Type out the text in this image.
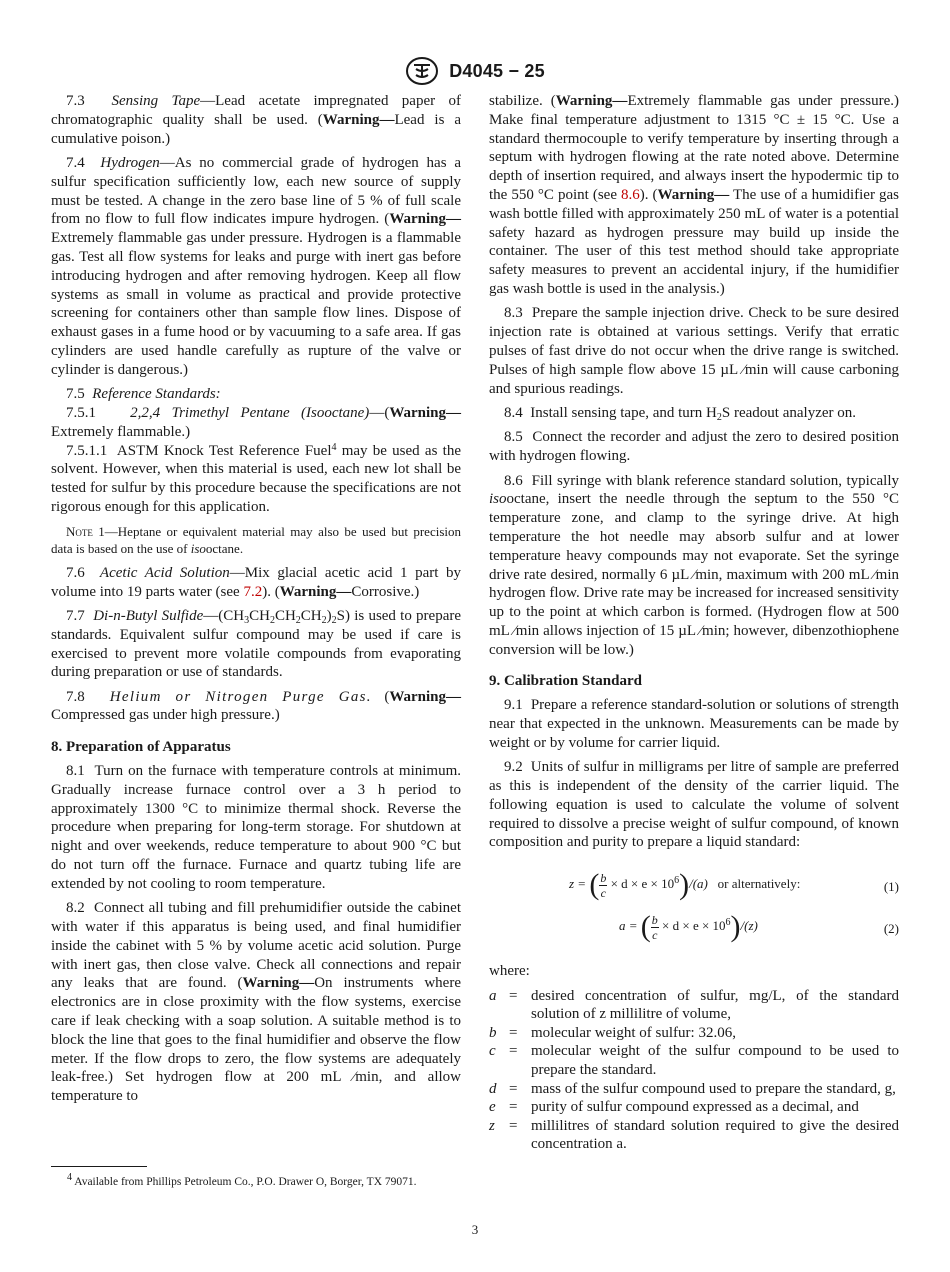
D4045 − 25

7.3 Sensing Tape—Lead acetate impregnated paper of chromatographic quality shall be used. (Warning—Lead is a cumulative poison.)

7.4 Hydrogen—As no commercial grade of hydrogen has a sulfur specification sufficiently low, each new source of supply must be tested. A change in the zero base line of 5 % of full scale from no flow to full flow indicates impure hydrogen. (Warning—Extremely flammable gas under pressure. Hydrogen is a flammable gas. Test all flow systems for leaks and purge with inert gas before introducing hydrogen and after removing hydrogen. Keep all flow systems as small in volume as practical and provide protective screening for containers other than sample flow lines. Dispose of exhaust gases in a fume hood or by vacuuming to a safe area. If gas cylinders are used handle carefully as rupture of the valve or cylinder is dangerous.)

7.5 Reference Standards:

7.5.1 2,2,4 Trimethyl Pentane (Isooctane)—(Warning— Extremely flammable.)

7.5.1.1 ASTM Knock Test Reference Fuel$^4$ may be used as the solvent. However, when this material is used, each new lot shall be tested for sulfur by this procedure because the specifications are not rigorous enough for this application.

Note 1—Heptane or equivalent material may also be used but precision data is based on the use of isooctane.

7.6 Acetic Acid Solution—Mix glacial acetic acid 1 part by volume into 19 parts water (see 7.2). (Warning—Corrosive.)

7.7 Di-n-Butyl $Sulfide—(CH_3CH_2CH_2CH_2)_2S$) is used to prepare standards. Equivalent sulfur compound may be used if care is exercised to prevent more volatile compounds from evaporating during preparation or use of standards.

7.8 Helium or Nitrogen Purge Gas. (Warning— Compressed gas under high pressure.)

8. Preparation of Apparatus

8.1 Turn on the furnace with temperature controls at minimum. Gradually increase furnace control over a 3 h period to approximately 1300 °C to minimize thermal shock. Reverse the procedure when preparing for long-term storage. For shutdown at night and over weekends, reduce temperature to about 900 °C but do not turn off the furnace. Furnace and quartz tubing life are extended by not cooling to room temperature.

8.2 Connect all tubing and fill prehumidifier outside the cabinet with water if this apparatus is being used, and final humidifier inside the cabinet with 5 % by volume acetic acid solution. Purge with inert gas, then close valve. Check all connections and repair any leaks that are found. (Warning—On instruments where electronics are in close proximity with the flow systems, exercise care if leak checking with a soap solution. A suitable method is to block the line that goes to the final humidifier and observe the flow meter. If the flow drops to zero, the flow systems are adequately leak-free.) Set hydrogen flow at 200 mL ⁄min, and allow temperature to

stabilize. (Warning—Extremely flammable gas under pressure.) Make final temperature adjustment to 1315 °C ± 15 °C. Use a standard thermocouple to verify temperature by inserting through a septum with hydrogen flowing at the rate noted above. Determine depth of insertion required, and always insert the hypodermic tip to the 550 °C point (see 8.6). (Warning— The use of a humidifier gas wash bottle filled with approximately 250 mL of water is a potential safety hazard as hydrogen pressure may build up inside the container. The user of this test method should take appropriate safety measures to prevent an accidental injury, if the humidifier gas wash bottle is used in the analysis.)

8.3 Prepare the sample injection drive. Check to be sure desired injection rate is obtained at various settings. Verify that erratic pulses of fast drive do not occur when the drive range is switched. Pulses of high sample flow above 15 µL ⁄min will cause carboning and spurious readings.

8.4 Install sensing tape, and turn $H_2S$ readout analyzer on.

8.5 Connect the recorder and adjust the zero to desired position with hydrogen flowing.

8.6 Fill syringe with blank reference standard solution, typically isooctane, insert the needle through the septum to the 550 °C temperature zone, and clamp to the syringe drive. At high temperature the hot needle may absorb sulfur and at lower temperature heavy compounds may not evaporate. Set the syringe drive rate desired, normally 6 µL ⁄min, maximum with 200 mL ⁄min hydrogen flow. Drive rate may be increased for increased sensitivity up to the point at which carbon is formed. (Hydrogen flow at 500 mL ⁄min allows injection of 15 µL ⁄min; however, dibenzothiophene conversion will be low.)

9. Calibration Standard

9.1 Prepare a reference standard-solution or solutions of strength near that expected in the unknown. Measurements can be made by weight or by volume for carrier liquid.

9.2 Units of sulfur in milligrams per litre of sample are preferred as this is independent of the density of the carrier liquid. The following equation is used to calculate the volume of solvent required to dissolve a precise weight of sulfur compound, of known composition and purity to prepare a liquid standard:

z = ( $\frac{b}{c} \times d \times e \times 10^6)/(a)$ or alternatively:	(1)
a = ( $\frac{b}{c} \times d \times e \times 10^6)/(z)$	(2)

where:

a = desired concentration of sulfur, mg/L, of the standard solution of z millilitre of volume,
b = molecular weight of sulfur: 32.06,
c = molecular weight of the sulfur compound to be used to prepare the standard.
d = mass of the sulfur compound used to prepare the standard, g,
e = purity of sulfur compound expressed as a decimal, and
z = millilitres of standard solution required to give the desired concentration a.
$^4$ Available from Phillips Petroleum Co., P.O. Drawer O, Borger, TX 79071.
3
